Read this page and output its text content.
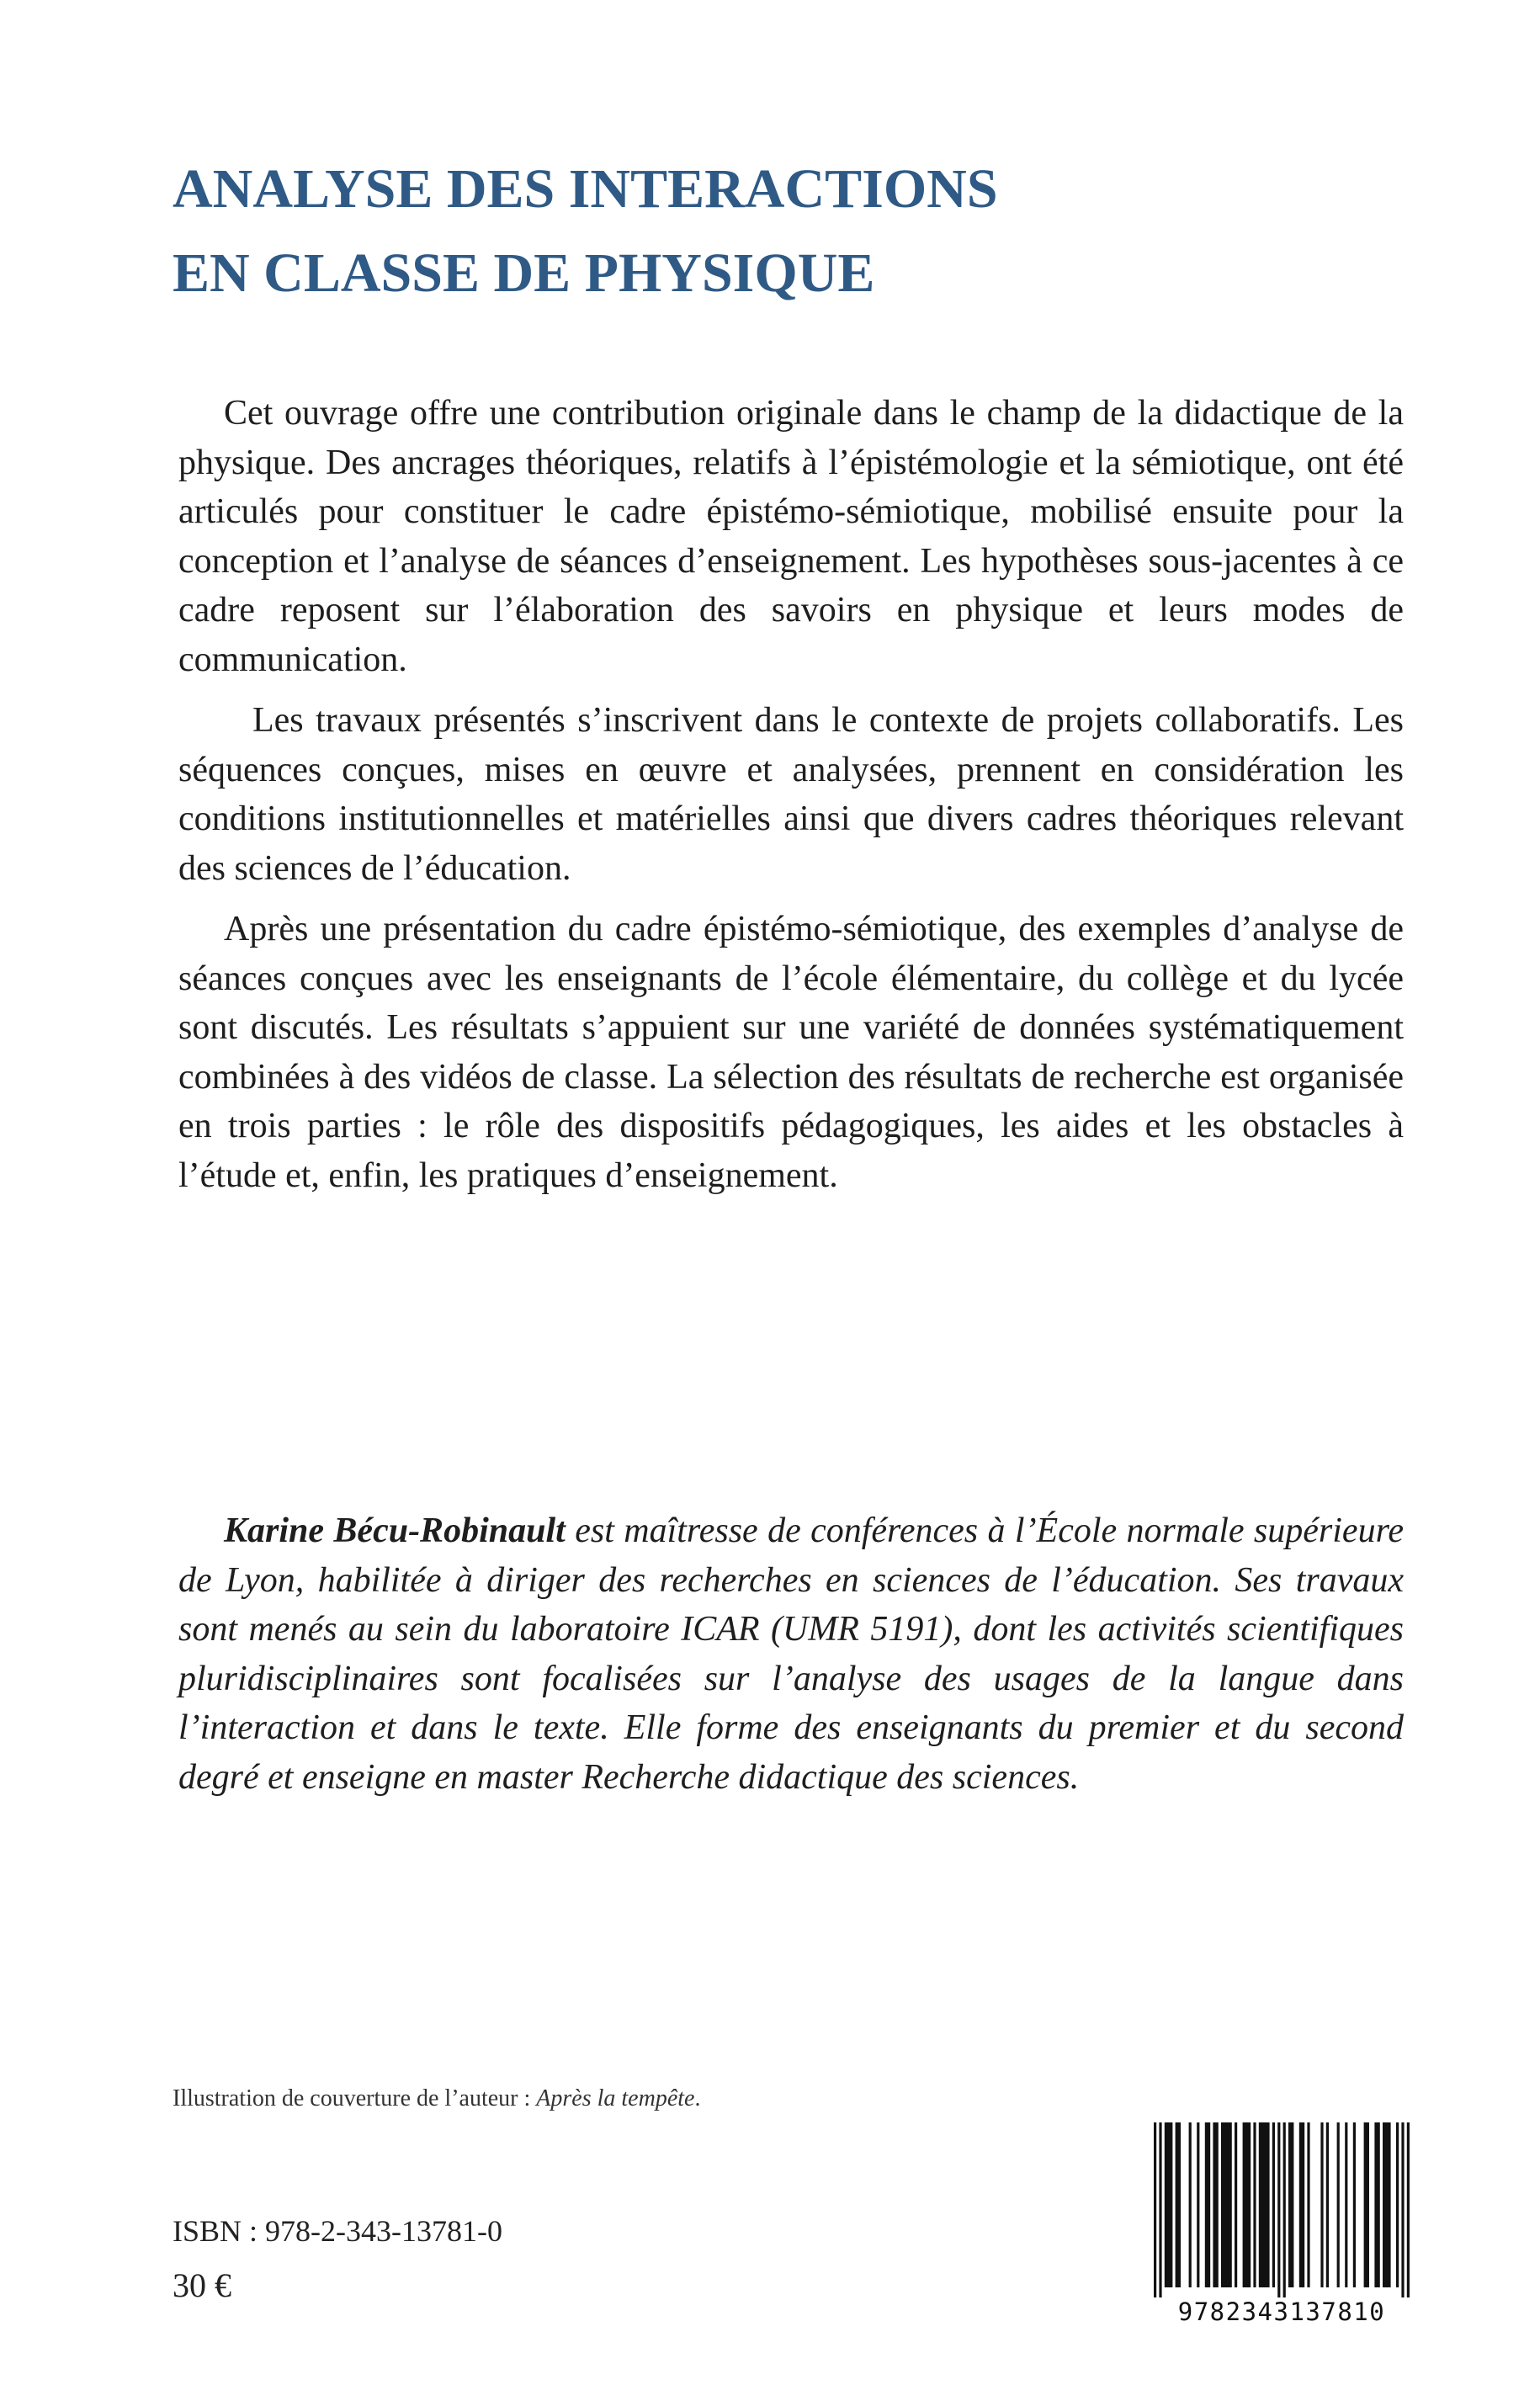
ANALYSE DES INTERACTIONS
EN CLASSE DE PHYSIQUE

Cet ouvrage offre une contribution originale dans le champ de la didactique de la physique. Des ancrages théoriques, relatifs à l’épistémologie et la sémiotique, ont été articulés pour constituer le cadre épistémo-sémiotique, mobilisé ensuite pour la conception et l’analyse de séances d’enseignement. Les hypothèses sous-jacentes à ce cadre reposent sur l’élaboration des savoirs en physique et leurs modes de communication.

Les travaux présentés s’inscrivent dans le contexte de projets collaboratifs. Les séquences conçues, mises en œuvre et analysées, prennent en considération les conditions institutionnelles et matérielles ainsi que divers cadres théoriques relevant des sciences de l’éducation.

Après une présentation du cadre épistémo-sémiotique, des exemples d’analyse de séances conçues avec les enseignants de l’école élémentaire, du collège et du lycée sont discutés. Les résultats s’appuient sur une variété de données systématiquement combinées à des vidéos de classe. La sélection des résultats de recherche est organisée en trois parties : le rôle des dispositifs pédagogiques, les aides et les obstacles à l’étude et, enfin, les pratiques d’enseignement.

Karine Bécu-Robinault est maîtresse de conférences à l’École normale supérieure de Lyon, habilitée à diriger des recherches en sciences de l’éducation. Ses travaux sont menés au sein du laboratoire ICAR (UMR 5191), dont les activités scientifiques pluridisciplinaires sont focalisées sur l’analyse des usages de la langue dans l’interaction et dans le texte. Elle forme des enseignants du premier et du second degré et enseigne en master Recherche didactique des sciences.

Illustration de couverture de l’auteur : Après la tempête.
ISBN : 978-2-343-13781-0
30 €
9782343137810
